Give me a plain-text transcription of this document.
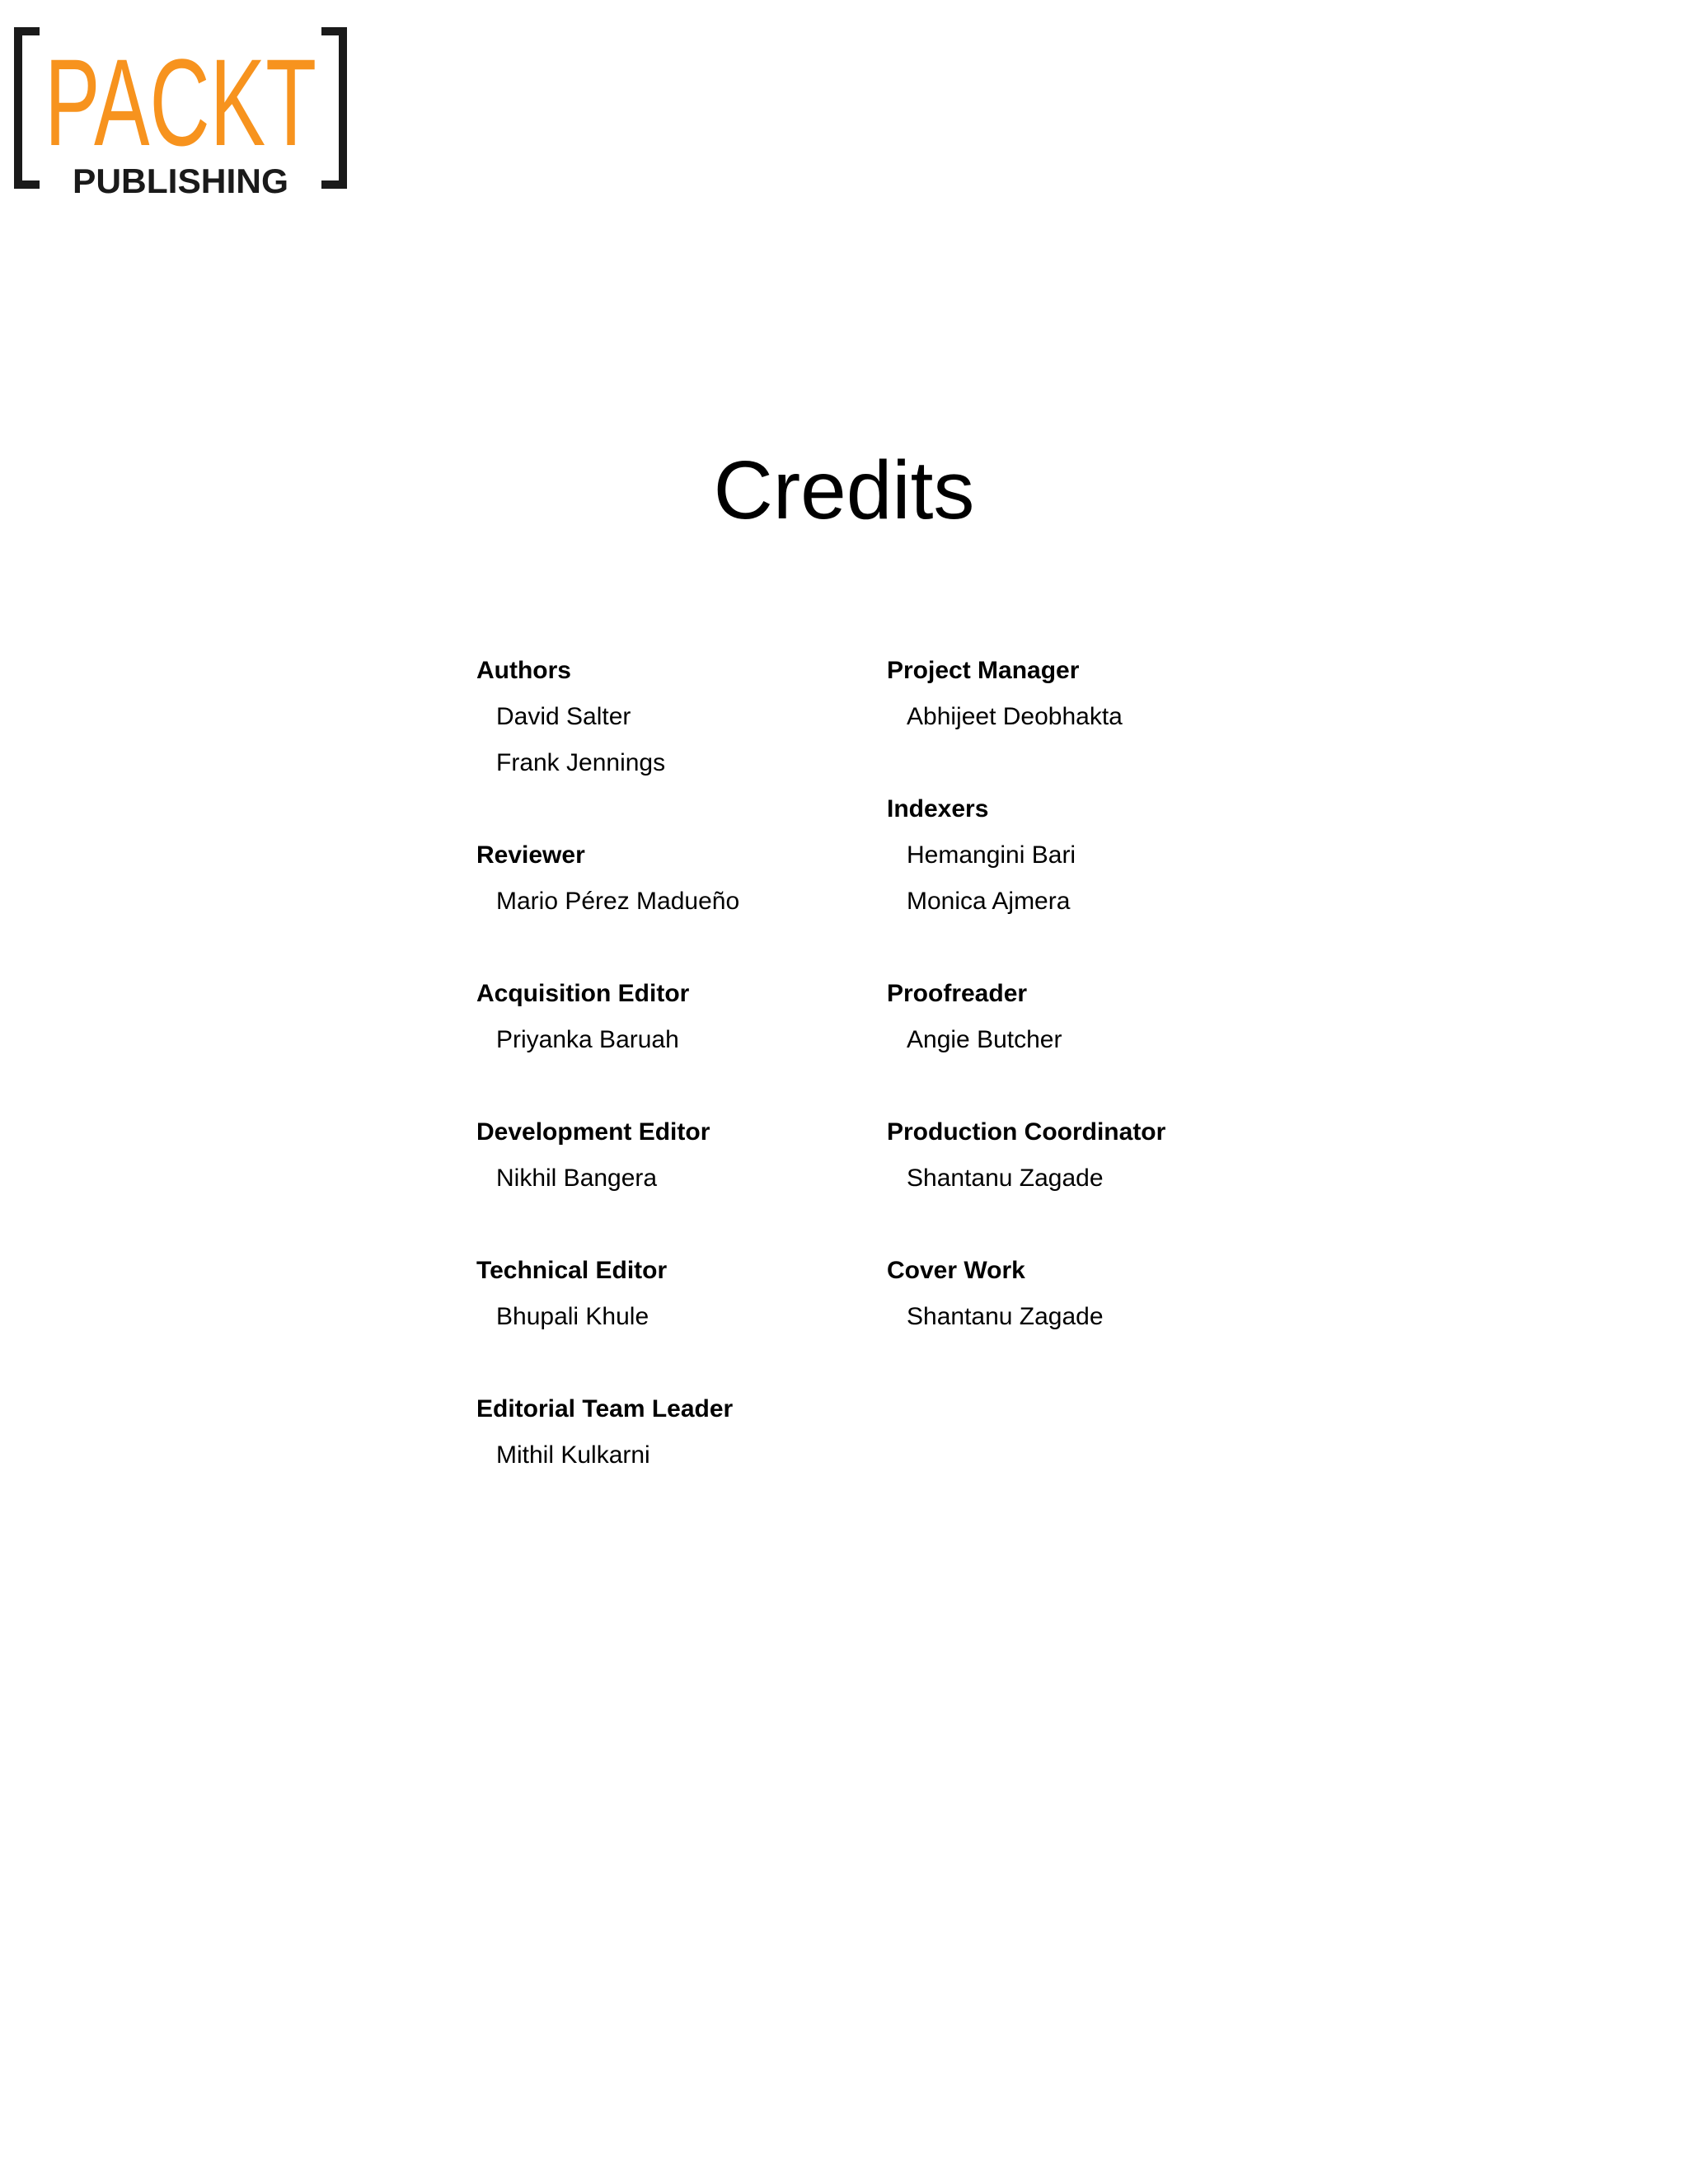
PACKT
PUBLISHING
Credits
Authors
David Salter
Frank Jennings
Reviewer
Mario Pérez Madueño
Acquisition Editor
Priyanka Baruah
Development Editor
Nikhil Bangera
Technical Editor
Bhupali Khule
Editorial Team Leader
Mithil Kulkarni
Project Manager
Abhijeet Deobhakta
Indexers
Hemangini Bari
Monica Ajmera
Proofreader
Angie Butcher
Production Coordinator
Shantanu Zagade
Cover Work
Shantanu Zagade
